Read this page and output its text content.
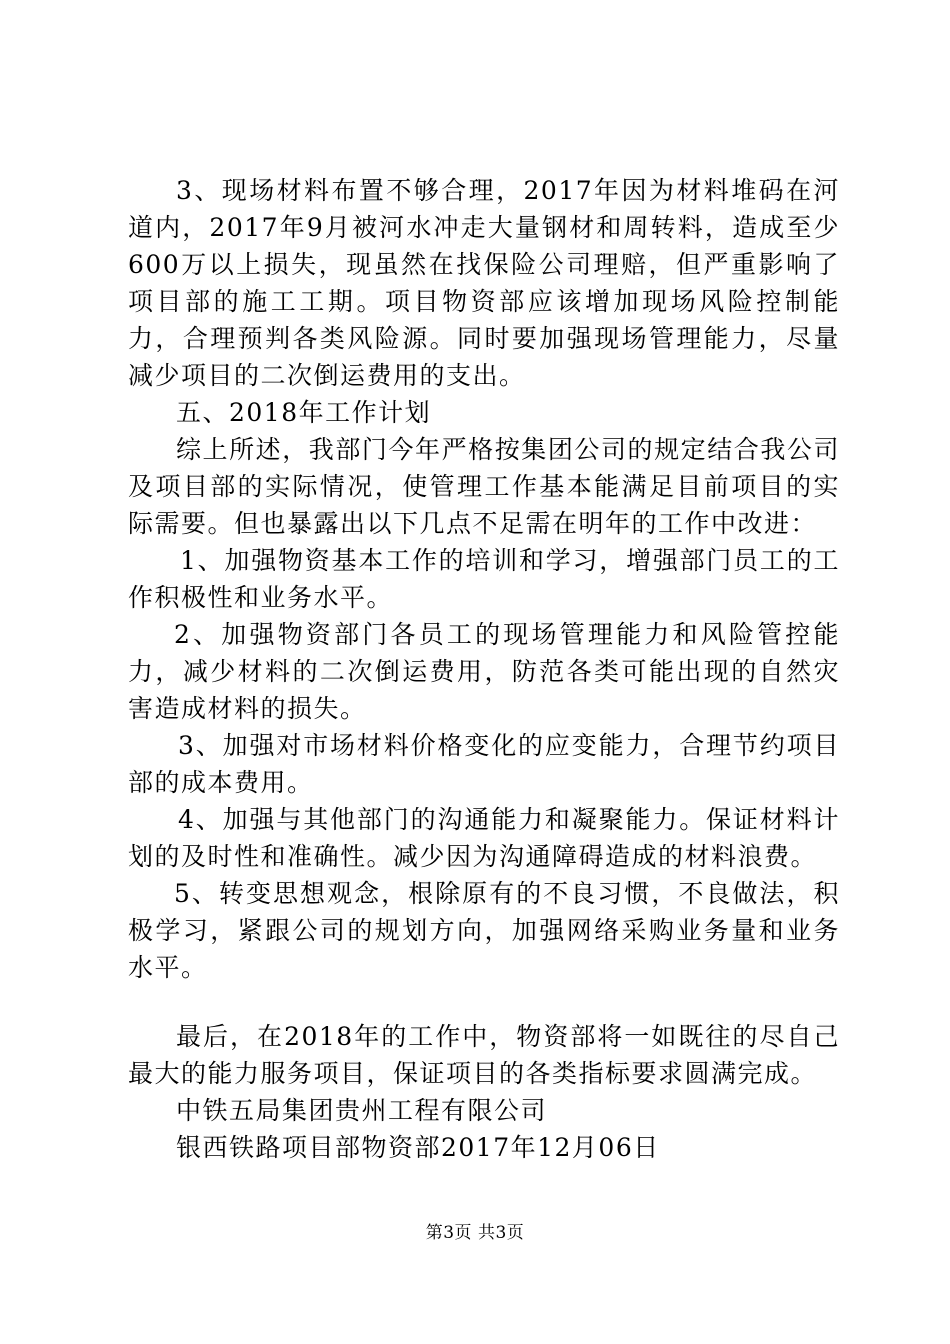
3、现场材料布置不够合理，2017年因为材料堆码在河道内，2017年9月被河水冲走大量钢材和周转料，造成至少600万以上损失，现虽然在找保险公司理赔，但严重影响了项目部的施工工期。项目物资部应该增加现场风险控制能力，合理预判各类风险源。同时要加强现场管理能力，尽量减少项目的二次倒运费用的支出。

五、2018年工作计划

综上所述，我部门今年严格按集团公司的规定结合我公司及项目部的实际情况，使管理工作基本能满足目前项目的实际需要。但也暴露出以下几点不足需在明年的工作中改进：

1、加强物资基本工作的培训和学习，增强部门员工的工作积极性和业务水平。

2、加强物资部门各员工的现场管理能力和风险管控能力，减少材料的二次倒运费用，防范各类可能出现的自然灾害造成材料的损失。

3、加强对市场材料价格变化的应变能力，合理节约项目部的成本费用。

4、加强与其他部门的沟通能力和凝聚能力。保证材料计划的及时性和准确性。减少因为沟通障碍造成的材料浪费。

5、转变思想观念，根除原有的不良习惯，不良做法，积极学习，紧跟公司的规划方向，加强网络采购业务量和业务水平。

最后，在2018年的工作中，物资部将一如既往的尽自己最大的能力服务项目，保证项目的各类指标要求圆满完成。

中铁五局集团贵州工程有限公司

银西铁路项目部物资部2017年12月06日

第3页 共3页
